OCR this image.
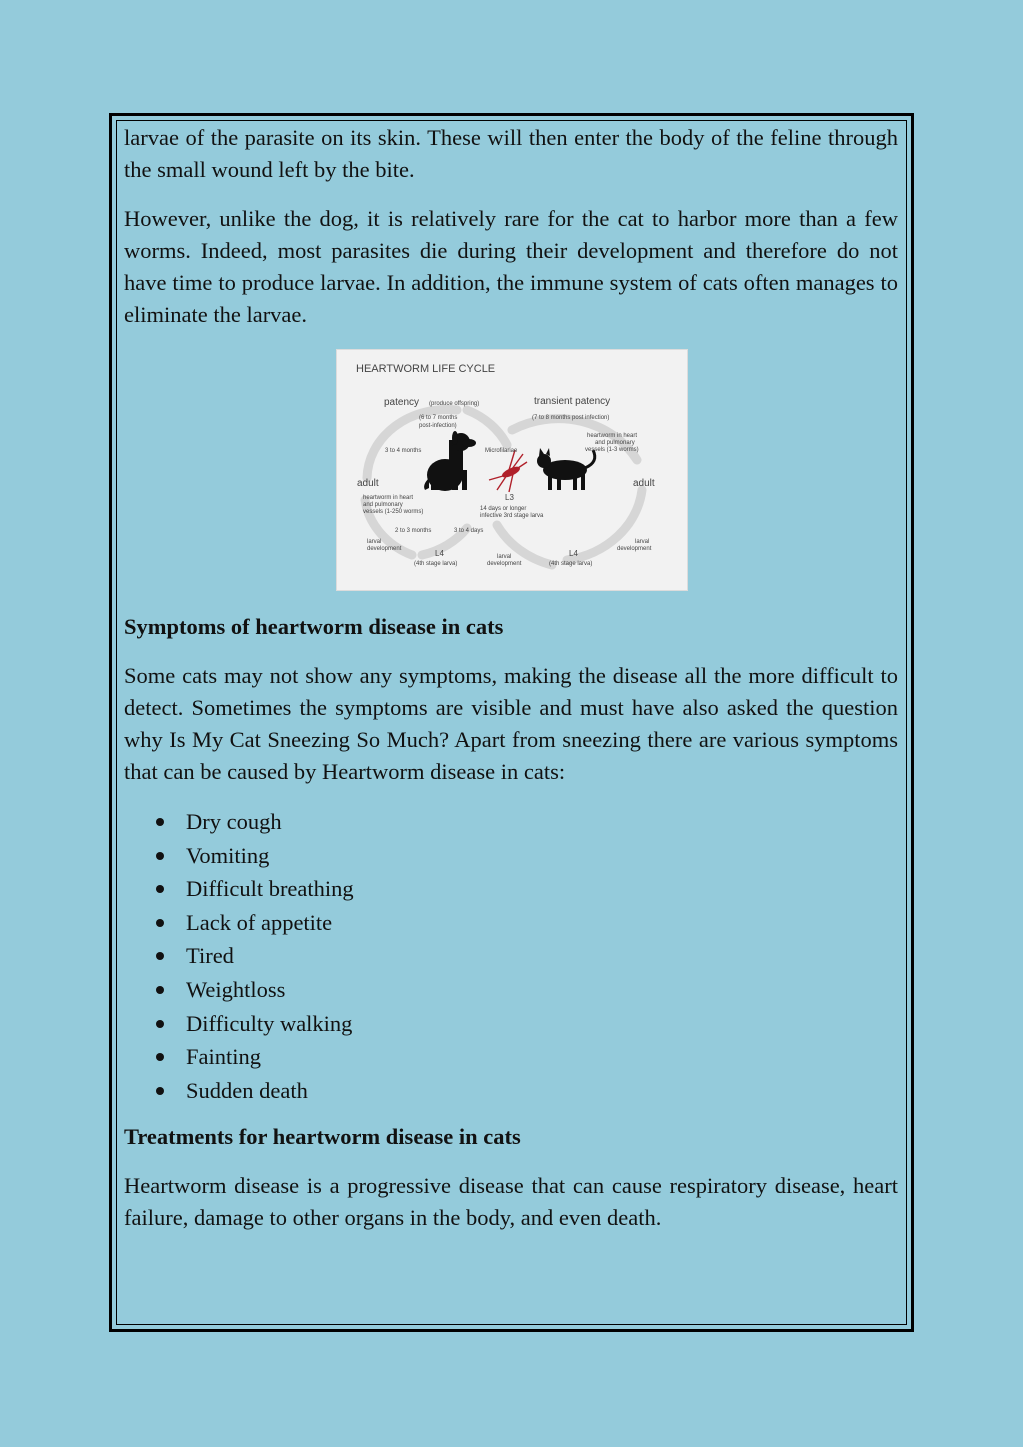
larvae of the parasite on its skin. These will then enter the body of the feline through the small wound left by the bite.

However, unlike the dog, it is relatively rare for the cat to harbor more than a few worms. Indeed, most parasites die during their development and therefore do not have time to produce larvae. In addition, the immune system of cats often manages to eliminate the larvae.

HEARTWORM LIFE CYCLE
patency (produce offspring)
(6 to 7 months
post-infection)
transient patency
(7 to 8 months post infection)
heartworm in heart
and pulmonary
vessels (1-3 worms)
3 to 4 months	Microfilariae
adult	adult
heartworm in heart
and pulmonary
vessels (1-250 worms)
L3
14 days or longer
infective 3rd stage larva
2 to 3 months	3 to 4 days
larval
development	L4
(4th stage larva)
larval
development
L4
(4th stage larva)
larval
development
Symptoms of heartworm disease in cats

Some cats may not show any symptoms, making the disease all the more difficult to detect. Sometimes the symptoms are visible and must have also asked the question why Is My Cat Sneezing So Much? Apart from sneezing there are various symptoms that can be caused by Heartworm disease in cats:

Dry cough
Vomiting
Difficult breathing
Lack of appetite
Tired
Weightloss
Difficulty walking
Fainting
Sudden death
Treatments for heartworm disease in cats

Heartworm disease is a progressive disease that can cause respiratory disease, heart failure, damage to other organs in the body, and even death.
